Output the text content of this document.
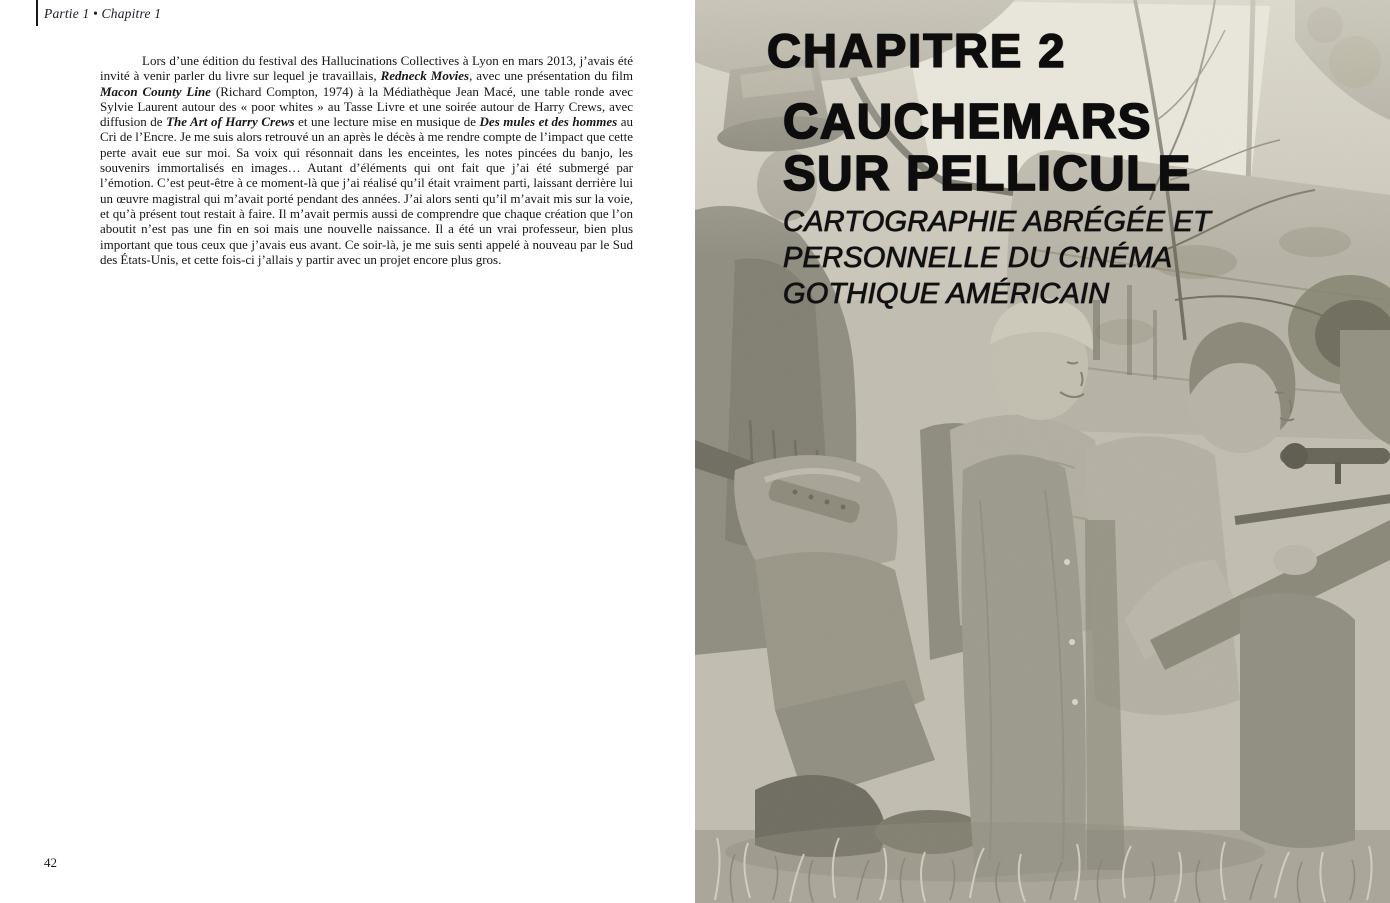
Partie 1 • Chapitre 1

Lors d’une édition du festival des Hallucinations Collectives à Lyon en mars 2013, j’avais été invité à venir parler du livre sur lequel je travaillais, Redneck Movies, avec une présentation du film Macon County Line (Richard Compton, 1974) à la Médiathèque Jean Macé, une table ronde avec Sylvie Laurent autour des « poor whites » au Tasse Livre et une soirée autour de Harry Crews, avec diffusion de The Art of Harry Crews et une lecture mise en musique de Des mules et des hommes au Cri de l’Encre. Je me suis alors retrouvé un an après le décès à me rendre compte de l’impact que cette perte avait eue sur moi. Sa voix qui résonnait dans les enceintes, les notes pincées du banjo, les souvenirs immortalisés en images… Autant d’éléments qui ont fait que j’ai été submergé par l’émotion. C’est peut-être à ce moment-là que j’ai réalisé qu’il était vraiment parti, laissant derrière lui un œuvre magistral qui m’avait porté pendant des années. J’ai alors senti qu’il m’avait mis sur la voie, et qu’à présent tout restait à faire. Il m’avait permis aussi de comprendre que chaque création que l’on aboutit n’est pas une fin en soi mais une nouvelle naissance. Il a été un vrai professeur, bien plus important que tous ceux que j’avais eus avant. Ce soir-là, je me suis senti appelé à nouveau par le Sud des États-Unis, et cette fois-ci j’allais y partir avec un projet encore plus gros.

42
CHAPITRE 2
CAUCHEMARS
SUR PELLICULE
CARTOGRAPHIE ABRÉGÉE ET
PERSONNELLE DU CINÉMA
GOTHIQUE AMÉRICAIN
